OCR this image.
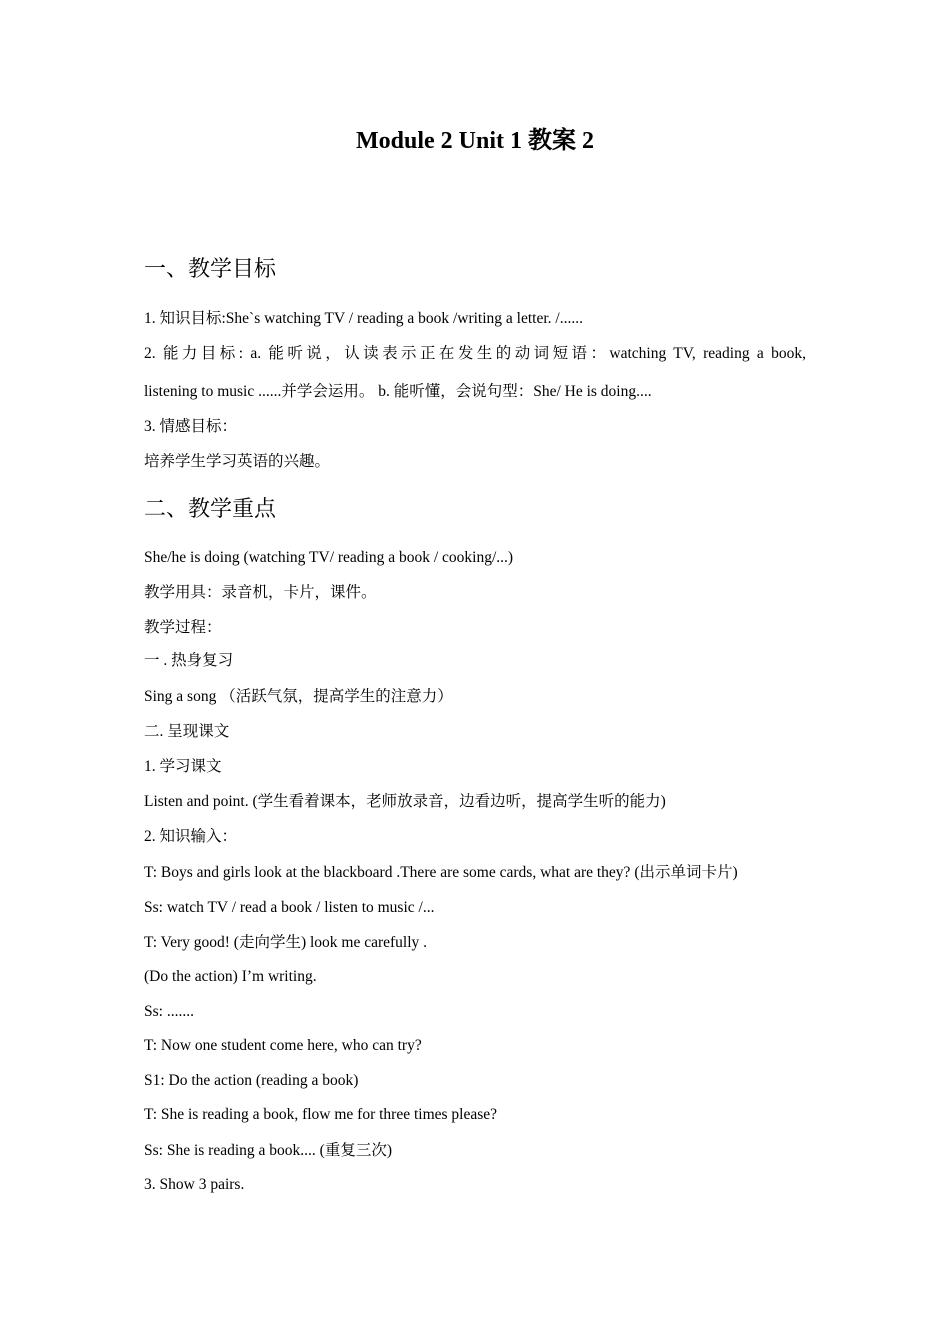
Module 2 Unit 1 教案 2
一、教学目标
1. 知识目标:She`s watching TV / reading a book /writing a letter. /......
2. 能力目标: a. 能听说，认读表示正在发生的动词短语：watching TV, reading a book,
listening to music ......并学会运用。 b. 能听懂，会说句型：She/ He is doing....
3. 情感目标：
培养学生学习英语的兴趣。
二、教学重点
She/he is doing (watching TV/ reading a book / cooking/...)
教学用具：录音机，卡片，课件。
教学过程：
一 . 热身复习
Sing a song （活跃气氛，提高学生的注意力）
二. 呈现课文
1. 学习课文
Listen and point. (学生看着课本，老师放录音，边看边听，提高学生听的能力)
2. 知识输入：
T: Boys and girls look at the blackboard .There are some cards, what are they? (出示单词卡片)
Ss: watch TV / read a book / listen to music /...
T: Very good! (走向学生) look me carefully .
(Do the action) I’m writing.
Ss: .......
T: Now one student come here, who can try?
S1: Do the action (reading a book)
T: She is reading a book, flow me for three times please?
Ss: She is reading a book.... (重复三次)
3. Show 3 pairs.
